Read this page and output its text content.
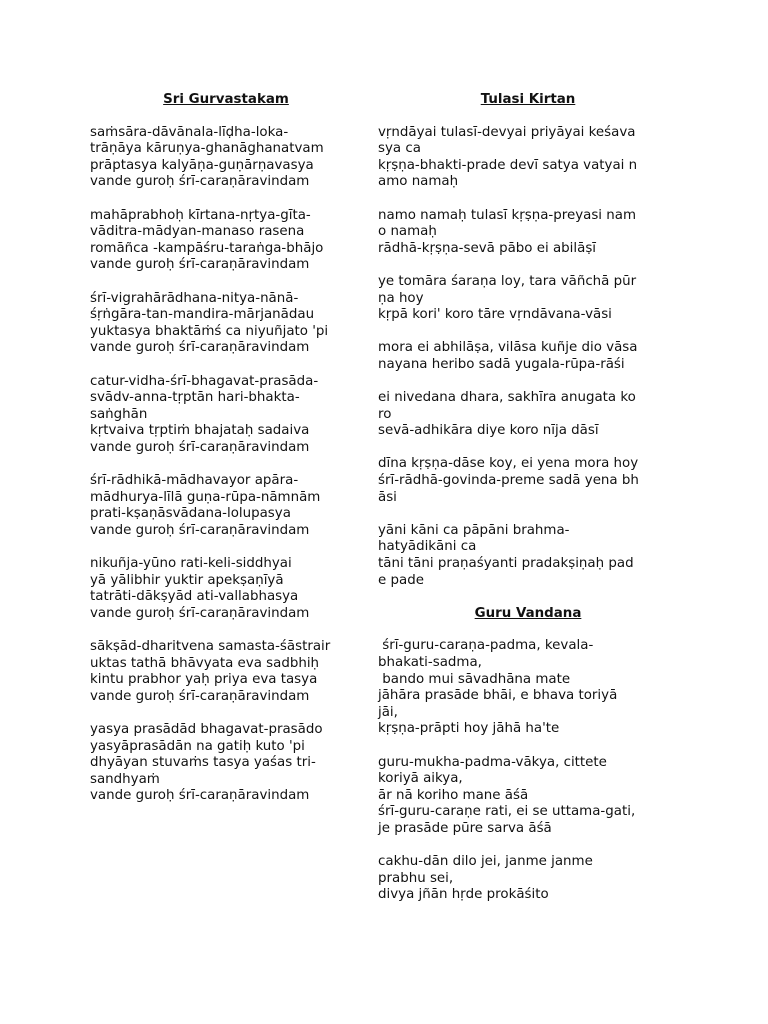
Sri Gurvastakam
saṁsāra-dāvānala-līḍha-loka-
trāṇāya kāruṇya-ghanāghanatvam
prāptasya kalyāṇa-guṇārṇavasya
vande guroḥ śrī-caraṇāravindam
mahāprabhoḥ kīrtana-nṛtya-gīta-
vāditra-mādyan-manaso rasena
romāñca -kampāśru-taraṅga-bhājo
vande guroḥ śrī-caraṇāravindam
śrī-vigrahārādhana-nitya-nānā-
śṛṅgāra-tan-mandira-mārjanādau
yuktasya bhaktāṁś ca niyuñjato 'pi
vande guroḥ śrī-caraṇāravindam
catur-vidha-śrī-bhagavat-prasāda-
svādv-anna-tṛptān hari-bhakta-
saṅghān
kṛtvaiva tṛptiṁ bhajataḥ sadaiva
vande guroḥ śrī-caraṇāravindam
śrī-rādhikā-mādhavayor apāra-
mādhurya-līlā guṇa-rūpa-nāmnām
prati-kṣaṇāsvādana-lolupasya
vande guroḥ śrī-caraṇāravindam
nikuñja-yūno rati-keli-siddhyai
yā yālibhir yuktir apekṣaṇīyā
tatrāti-dākṣyād ati-vallabhasya
vande guroḥ śrī-caraṇāravindam
sākṣād-dharitvena samasta-śāstrair
uktas tathā bhāvyata eva sadbhiḥ
kintu prabhor yaḥ priya eva tasya
vande guroḥ śrī-caraṇāravindam
yasya prasādād bhagavat-prasādo
yasyāprasādān na gatiḥ kuto 'pi
dhyāyan stuvaṁs tasya yaśas tri-
sandhyaṁ
vande guroḥ śrī-caraṇāravindam
Tulasi Kirtan
vṛndāyai tulasī-devyai priyāyai keśava
sya ca
kṛṣṇa-bhakti-prade devī satya vatyai n
amo namaḥ
namo namaḥ tulasī kṛṣṇa-preyasi nam
o namaḥ
rādhā-kṛṣṇa-sevā pābo ei abilāṣī
ye tomāra śaraṇa loy, tara vāñchā pūr
ṇa hoy
kṛpā kori' koro tāre vṛndāvana-vāsi
mora ei abhilāṣa, vilāsa kuñje dio vāsa
nayana heribo sadā yugala-rūpa-rāśi
ei nivedana dhara, sakhīra anugata ko
ro
sevā-adhikāra diye koro nīja dāsī
dīna kṛṣṇa-dāse koy, ei yena mora hoy
śrī-rādhā-govinda-preme sadā yena bh
āsi
yāni kāni ca pāpāni brahma-
hatyādikāni ca
tāni tāni praṇaśyanti pradakṣiṇaḥ pad
e pade
Guru Vandana
śrī-guru-caraṇa-padma, kevala-
bhakati-sadma,
bando mui sāvadhāna mate
jāhāra prasāde bhāi, e bhava toriyā
jāi,
kṛṣṇa-prāpti hoy jāhā ha'te
guru-mukha-padma-vākya, cittete
koriyā aikya,
ār nā koriho mane āśā
śrī-guru-caraṇe rati, ei se uttama-gati,
je prasāde pūre sarva āśā
cakhu-dān dilo jei, janme janme
prabhu sei,
divya jñān hṛde prokāśito
